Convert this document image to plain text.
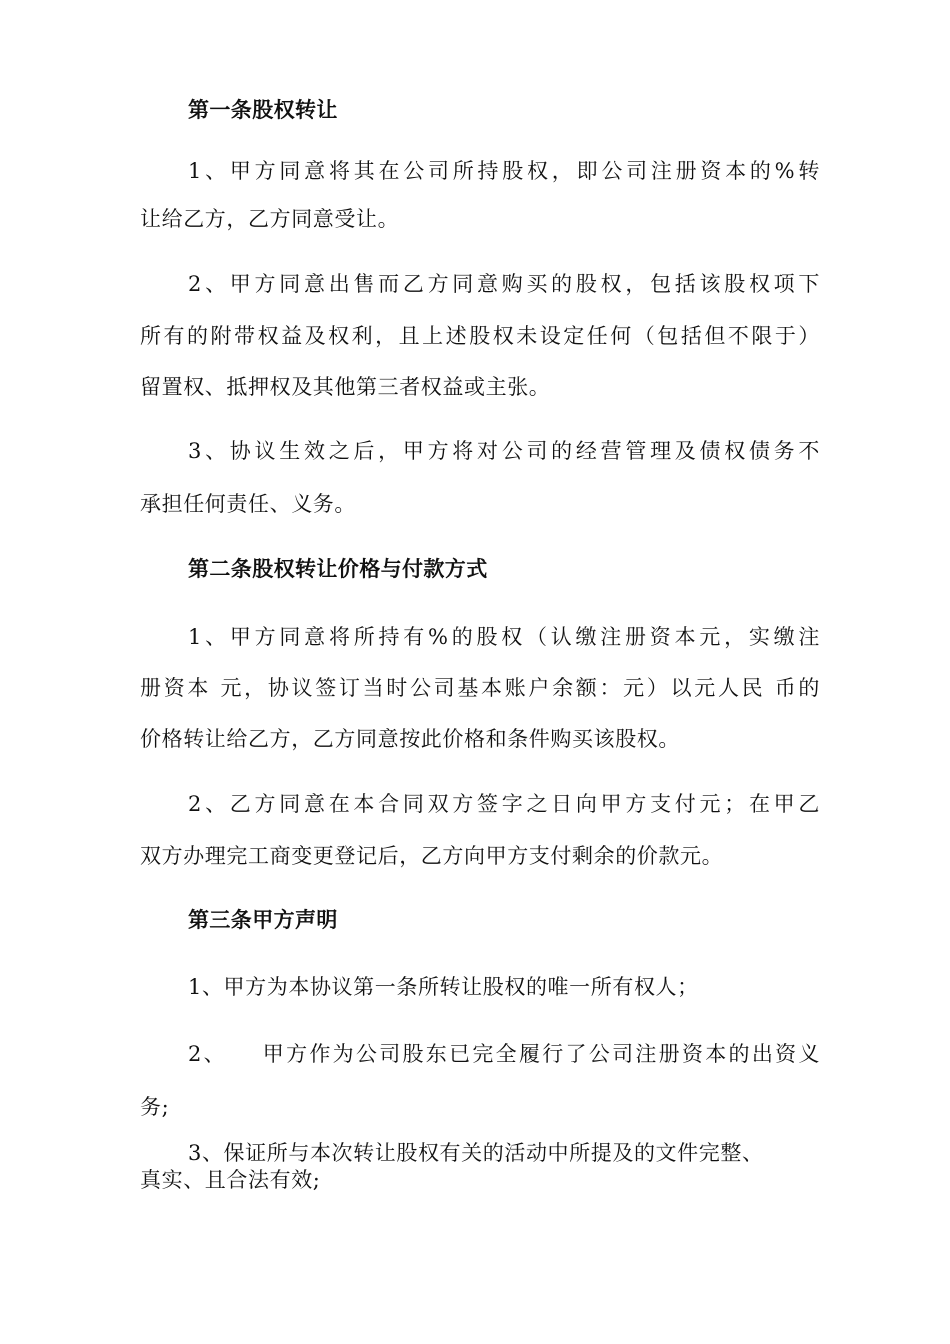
第一条股权转让
1、甲方同意将其在公司所持股权，即公司注册资本的%转
让给乙方，乙方同意受让。
2、甲方同意出售而乙方同意购买的股权，包括该股权项下
所有的附带权益及权利，且上述股权未设定任何（包括但不限于）
留置权、抵押权及其他第三者权益或主张。
3、协议生效之后，甲方将对公司的经营管理及债权债务不
承担任何责任、义务。
第二条股权转让价格与付款方式
1、甲方同意将所持有%的股权（认缴注册资本元，实缴注
册资本 元，协议签订当时公司基本账户余额：元）以元人民 币的
价格转让给乙方，乙方同意按此价格和条件购买该股权。
2、乙方同意在本合同双方签字之日向甲方支付元；在甲乙
双方办理完工商变更登记后，乙方向甲方支付剩余的价款元。
第三条甲方声明
1、甲方为本协议第一条所转让股权的唯一所有权人；
2、    甲方作为公司股东已完全履行了公司注册资本的出资义
务;
3、保证所与本次转让股权有关的活动中所提及的文件完整、
真实、且合法有效;
